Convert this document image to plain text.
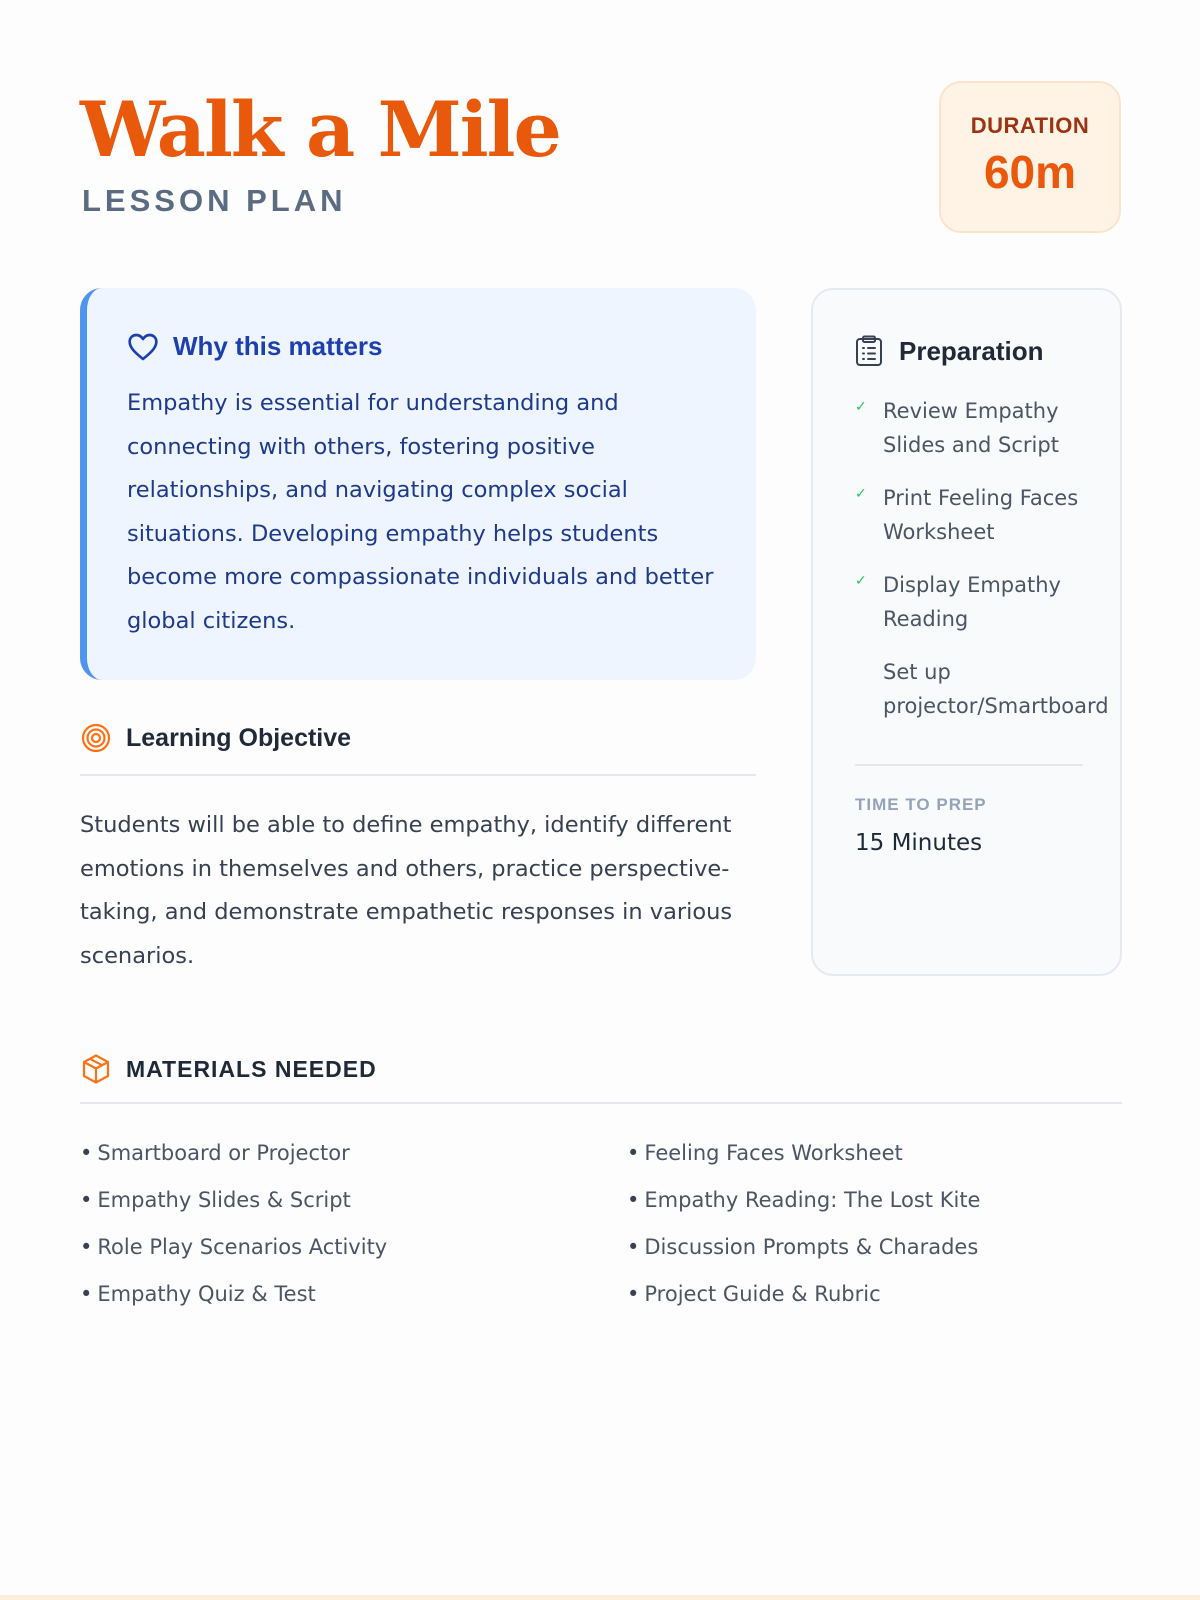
Walk a Mile
LESSON PLAN
DURATION
60m
Why this matters

Empathy is essential for understanding and connecting with others, fostering positive relationships, and navigating complex social situations. Developing empathy helps students become more compassionate individuals and better global citizens.

Learning Objective

Students will be able to define empathy, identify different emotions in themselves and others, practice perspective-taking, and demonstrate empathetic responses in various scenarios.

Preparation
✓ Review Empathy Slides and Script
✓ Print Feeling Faces Worksheet
✓ Display Empathy Reading
Set up projector/Smartboard
TIME TO PREP
15 Minutes
MATERIALS NEEDED
• Smartboard or Projector
• Empathy Slides & Script
• Role Play Scenarios Activity
• Empathy Quiz & Test
• Feeling Faces Worksheet
• Empathy Reading: The Lost Kite
• Discussion Prompts & Charades
• Project Guide & Rubric
